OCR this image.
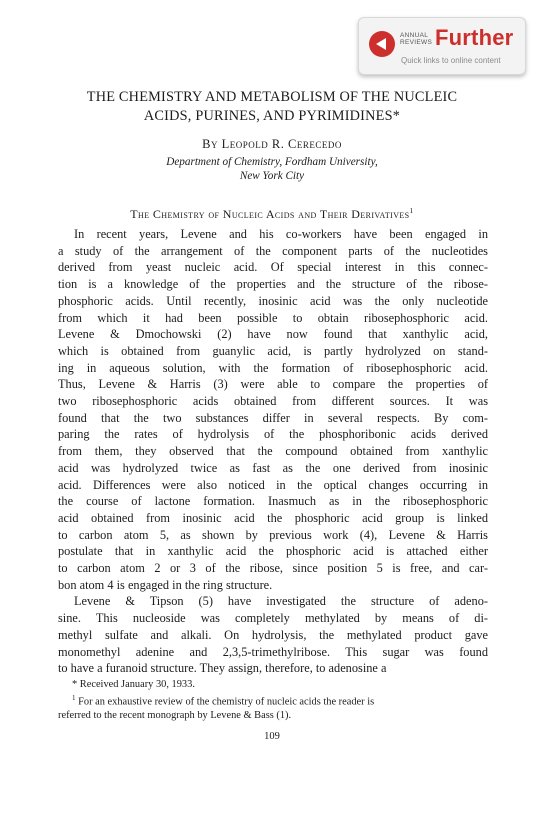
ANNUAL
REVIEWS Further
Quick links to online content
THE CHEMISTRY AND METABOLISM OF THE NUCLEIC
ACIDS, PURINES, AND PYRIMIDINES*
By Leopold R. Cerecedo
Department of Chemistry, Fordham University,
New York City
The Chemistry of Nucleic Acids and Their Derivatives$^1$

In recent years, Levene and his co-workers have been engaged in
a study of the arrangement of the component parts of the nucleotides
derived from yeast nucleic acid. Of special interest in this connec-
tion is a knowledge of the properties and the structure of the ribose-
phosphoric acids. Until recently, inosinic acid was the only nucleotide
from which it had been possible to obtain ribosephosphoric acid.
Levene & Dmochowski (2) have now found that xanthylic acid,
which is obtained from guanylic acid, is partly hydrolyzed on stand-
ing in aqueous solution, with the formation of ribosephosphoric acid.
Thus, Levene & Harris (3) were able to compare the properties of
two ribosephosphoric acids obtained from different sources. It was
found that the two substances differ in several respects. By com-
paring the rates of hydrolysis of the phosphoribonic acids derived
from them, they observed that the compound obtained from xanthylic
acid was hydrolyzed twice as fast as the one derived from inosinic
acid. Differences were also noticed in the optical changes occurring in
the course of lactone formation. Inasmuch as in the ribosephosphoric
acid obtained from inosinic acid the phosphoric acid group is linked
to carbon atom 5, as shown by previous work (4), Levene & Harris
postulate that in xanthylic acid the phosphoric acid is attached either
to carbon atom 2 or 3 of the ribose, since position 5 is free, and car-
bon atom 4 is engaged in the ring structure.

Levene & Tipson (5) have investigated the structure of adeno-
sine. This nucleoside was completely methylated by means of di-
methyl sulfate and alkali. On hydrolysis, the methylated product gave
monomethyl adenine and 2,3,5-trimethylribose. This sugar was found
to have a furanoid structure. They assign, therefore, to adenosine a

* Received January 30, 1933.
$^1$ For an exhaustive review of the chemistry of nucleic acids the reader is
referred to the recent monograph by Levene & Bass (1).
109
